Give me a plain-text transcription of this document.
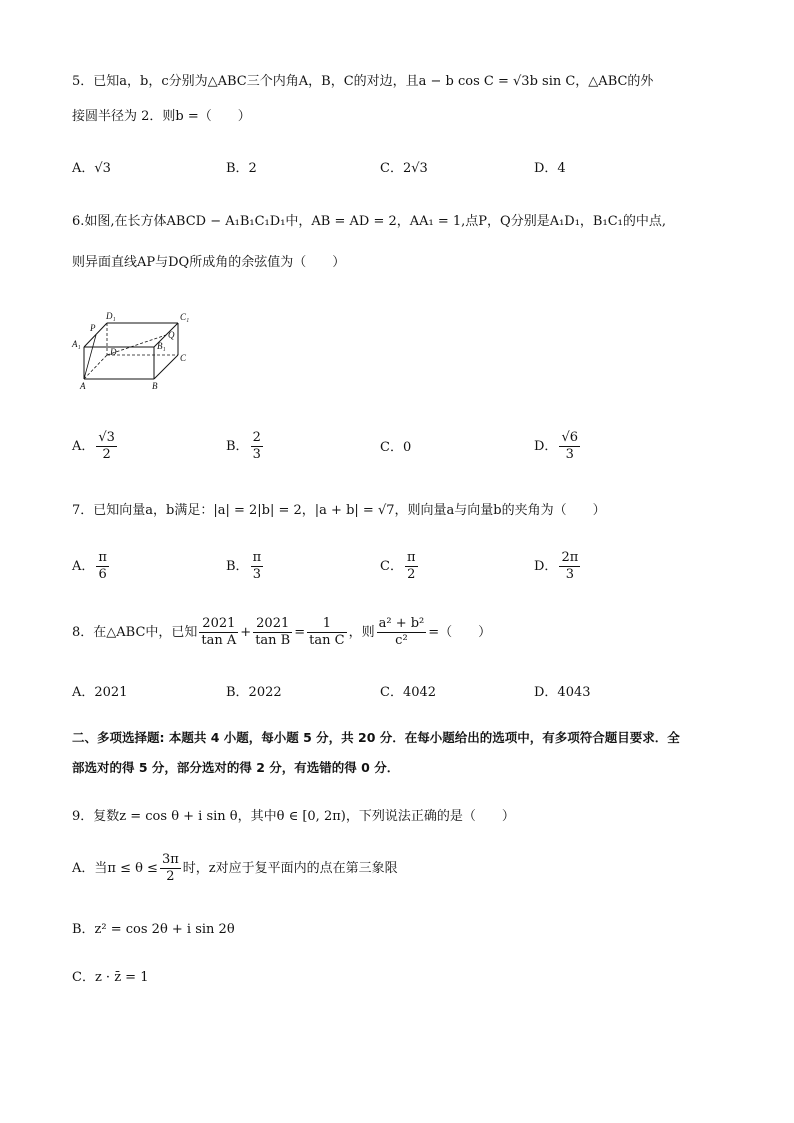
5．已知a，b，c分别为△ABC三个内角A，B，C的对边，且a − b cos C = √3b sin C，△ABC的外
接圆半径为 2．则b =（　　）
A．√3	B．2	C．2√3	D．4
6.如图,在长方体ABCD − A₁B₁C₁D₁中，AB = AD = 2，AA₁ = 1,点P，Q分别是A₁D₁，B₁C₁的中点,
则异面直线AP与DQ所成角的余弦值为（　　）
D₁	C₁
P
A₁
Q
D
B₁
C
A	B
A． $\frac{√3}{2}$	B． $\frac{2}{3}$	C．0	D． $\frac{√6}{3}$
7．已知向量a，b满足：|a| = 2|b| = 2，|a + b| = √7，则向量a与向量b的夹角为（　　）
A． $\frac{\pi}{6}$	B． $\frac{\pi}{3}$	C． $\frac{\pi}{2}$	D． $\frac{2\pi}{3}$
8．在△ABC中，已知 $\frac{2021}{\text{tan A}} + \frac{2021}{\text{tan B}} = \frac{1}{\text{tan C}}$ ，则 $\frac{\text{a² + b²}}{\text{c²}}$ =（　　）
A．2021	B．2022	C．4042	D．4043
二、多项选择题: 本题共 4 小题，每小题 5 分，共 20 分．在每小题给出的选项中，有多项符合题目要求．全
部选对的得 5 分，部分选对的得 2 分，有选错的得 0 分．
9．复数z = cos θ + i sin θ，其中θ ∈ [0, 2π)，下列说法正确的是（　　）
A．当$\pi \le \theta \le \frac{3\pi}{2}$ 时，z对应于复平面内的点在第三象限
B．z² = cos 2θ + i sin 2θ
C．z · z̄ = 1
